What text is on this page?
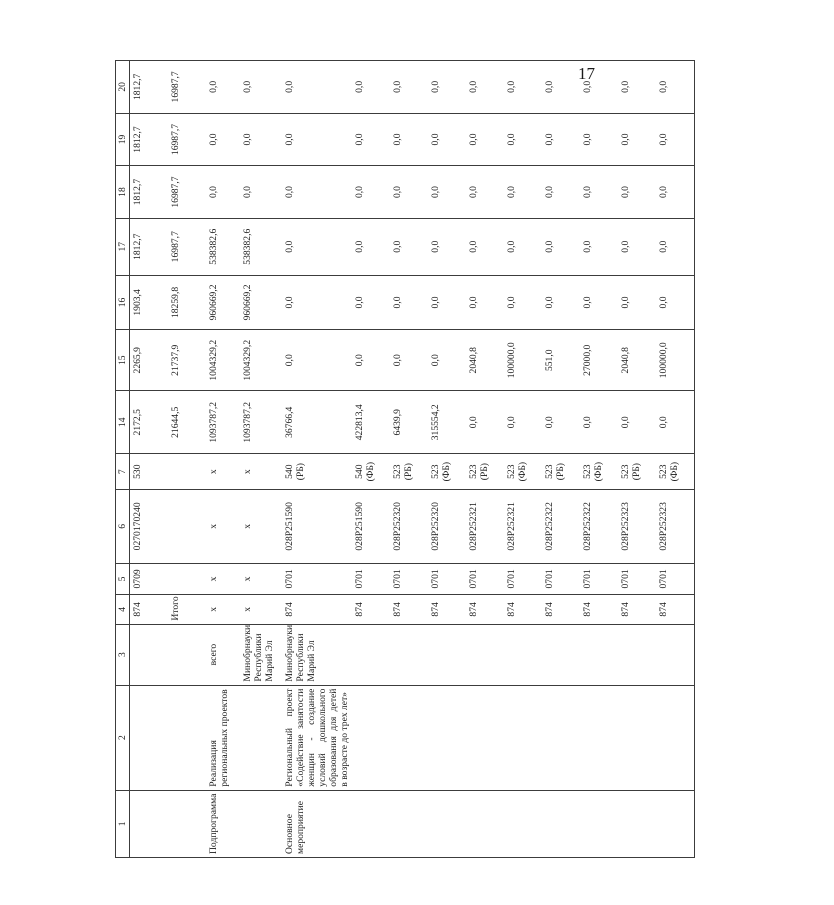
17
1	2	3	4	5	6	7	14	15	16	17	18	19	20
			874	0709	0270170240	530	2172,5	2265,9	1903,4	1812,7	1812,7	1812,7	1812,7
			Итого				21644,5	21737,9	18259,8	16987,7	16987,7	16987,7	16987,7
Подпрограмма	Реализация региональных проектов	всего	х	х	х	х	1093787,2	1004329,2	960669,2	538382,6	0,0	0,0	0,0
		Минобрнауки Республики Марий Эл	х	х	х	х	1093787,2	1004329,2	960669,2	538382,6	0,0	0,0	0,0
Основное мероприятие	Региональный проект «Содействие занятости женщин - создание условий дошкольного образования для детей в возрасте до трех лет»	Минобрнауки Республики Марий Эл	874	0701	028Р251590	540 (РБ)	36766,4	0,0	0,0	0,0	0,0	0,0	0,0
			874	0701	028Р251590	540 (ФБ)	422813,4	0,0	0,0	0,0	0,0	0,0	0,0
			874	0701	028Р252320	523 (РБ)	6439,9	0,0	0,0	0,0	0,0	0,0	0,0
			874	0701	028Р252320	523 (ФБ)	315554,2	0,0	0,0	0,0	0,0	0,0	0,0
			874	0701	028Р252321	523 (РБ)	0,0	2040,8	0,0	0,0	0,0	0,0	0,0
			874	0701	028Р252321	523 (ФБ)	0,0	100000,0	0,0	0,0	0,0	0,0	0,0
			874	0701	028Р252322	523 (РБ)	0,0	551,0	0,0	0,0	0,0	0,0	0,0
			874	0701	028Р252322	523 (ФБ)	0,0	27000,0	0,0	0,0	0,0	0,0	0,0
			874	0701	028Р252323	523 (РБ)	0,0	2040,8	0,0	0,0	0,0	0,0	0,0
			874	0701	028Р252323	523 (ФБ)	0,0	100000,0	0,0	0,0	0,0	0,0	0,0
